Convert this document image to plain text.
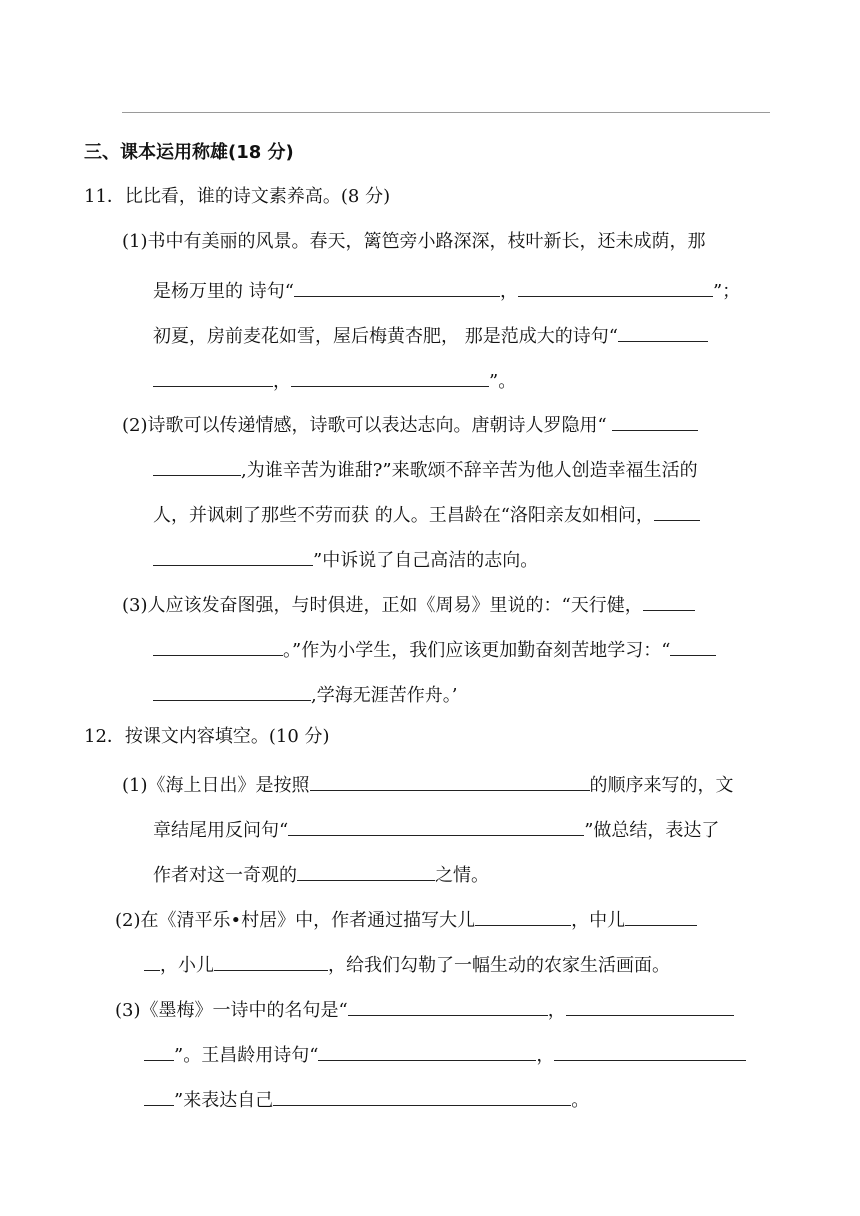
三、课本运用称雄(18 分)
11．比比看，谁的诗文素养高。(8 分)
(1)书中有美丽的风景。春天，篱笆旁小路深深，枝叶新长，还未成荫，那
是杨万里的 诗句“	，	”；
初夏，房前麦花如雪，屋后梅黄杏肥， 那是范成大的诗句“
，	”。
(2)诗歌可以传递情感，诗歌可以表达志向。唐朝诗人罗隐用“
,为谁辛苦为谁甜?”来歌颂不辞辛苦为他人创造幸福生活的
人，并讽刺了那些不劳而获 的人。王昌龄在“洛阳亲友如相问，
”中诉说了自己高洁的志向。
(3)人应该发奋图强，与时俱进，正如《周易》里说的：“天行健，
。”作为小学生，我们应该更加勤奋刻苦地学习：“
,学海无涯苦作舟。’
12．按课文内容填空。(10 分)
(1)《海上日出》是按照	的顺序来写的，文
章结尾用反问句“	”做总结，表达了
作者对这一奇观的	之情。
(2)在《清平乐•村居》中，作者通过描写大儿	，中儿
，小儿	，给我们勾勒了一幅生动的农家生活画面。
(3)《墨梅》一诗中的名句是“	，
”。王昌龄用诗句“	，
”来表达自己	。
